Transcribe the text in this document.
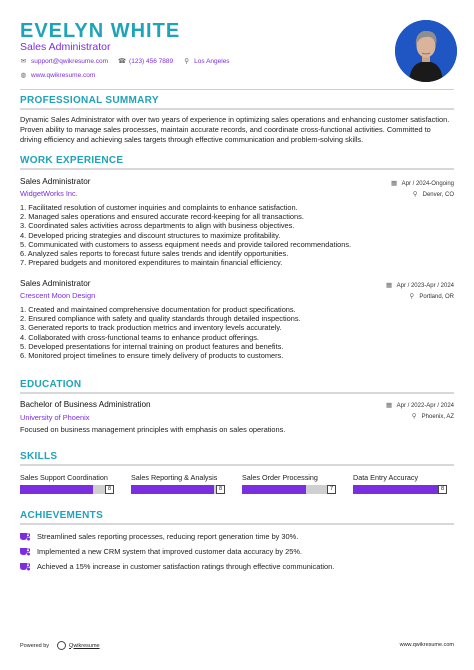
EVELYN WHITE
Sales Administrator
✉ support@qwikresume.com ☎ (123) 456 7889 ⚲ Los Angeles
◍ www.qwikresume.com
PROFESSIONAL SUMMARY
Dynamic Sales Administrator with over two years of experience in optimizing sales operations and enhancing customer satisfaction. Proven ability to manage sales processes, maintain accurate records, and coordinate cross-functional activities. Committed to driving efficiency and achieving sales targets through effective communication and problem-solving skills.
WORK EXPERIENCE
Sales Administrator	▦ Apr / 2024-Ongoing
WidgetWorks Inc.	⚲ Denver, CO
1. Facilitated resolution of customer inquiries and complaints to enhance satisfaction.
2. Managed sales operations and ensured accurate record-keeping for all transactions.
3. Coordinated sales activities across departments to align with business objectives.
4. Developed pricing strategies and discount structures to maximize profitability.
5. Communicated with customers to assess equipment needs and provide tailored recommendations.
6. Analyzed sales reports to forecast future sales trends and identify opportunities.
7. Prepared budgets and monitored expenditures to maintain financial efficiency.
Sales Administrator	▦ Apr / 2023-Apr / 2024
Crescent Moon Design	⚲ Portland, OR
1. Created and maintained comprehensive documentation for product specifications.
2. Ensured compliance with safety and quality standards through detailed inspections.
3. Generated reports to track production metrics and inventory levels accurately.
4. Collaborated with cross-functional teams to enhance product offerings.
5. Developed presentations for internal training on product features and benefits.
6. Monitored project timelines to ensure timely delivery of products to customers.
EDUCATION
Bachelor of Business Administration	▦ Apr / 2022-Apr / 2024
University of Phoenix	⚲ Phoenix, AZ
Focused on business management principles with emphasis on sales operations.
SKILLS
Sales Support Coordination
8
Sales Reporting & Analysis
8
Sales Order Processing
7
Data Entry Accuracy
8
ACHIEVEMENTS
Streamlined sales reporting processes, reducing report generation time by 30%.
Implemented a new CRM system that improved customer data accuracy by 25%.
Achieved a 15% increase in customer satisfaction ratings through effective communication.
Powered by	Qwikresume	www.qwikresume.com
